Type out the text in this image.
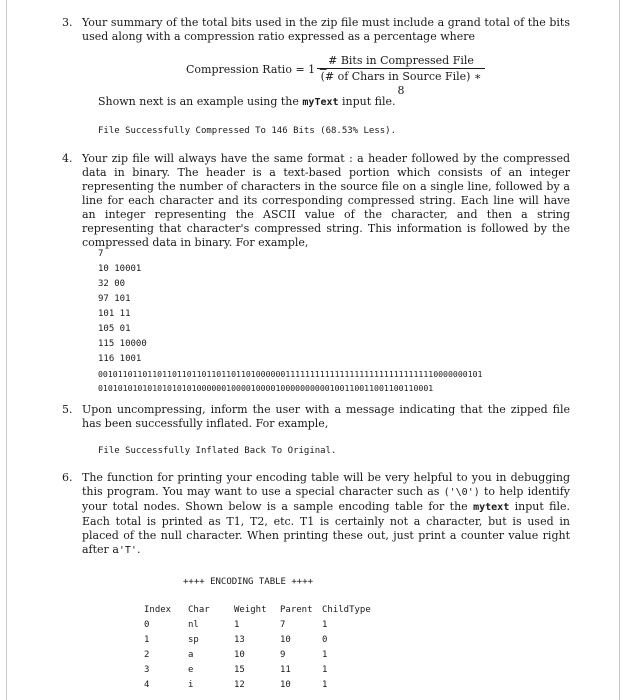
3. Your summary of the total bits used in the zip file must include a grand total of the bits used along with a compression ratio expressed as a percentage where
Compression Ratio = 1 −
# Bits in Compressed File
(# of Chars in Source File) ∗ 8
Shown next is an example using the myText input file.
File Successfully Compressed To 146 Bits (68.53% Less).
4. Your zip file will always have the same format : a header followed by the compressed data in binary. The header is a text-based portion which consists of an integer representing the number of characters in the source file on a single line, followed by a line for each character and its corresponding compressed string. Each line will have an integer representing the ASCII value of the character, and then a string representing that character's compressed string. This information is followed by the compressed data in binary. For example,
7
10 10001
32 00
97 101
101 11
105 01
115 10000
116 1001
001011011011011011011011011011010000001111111111111111111111111111110000000101
01010101010101010101000000100001000010000000000100110011001100110001
5. Upon uncompressing, inform the user with a message indicating that the zipped file has been successfully inflated. For example,
File Successfully Inflated Back To Original.
6. The function for printing your encoding table will be very helpful to you in debugging this program. You may want to use a special character such as ('\0') to help identify your total nodes. Shown below is a sample encoding table for the mytext input file. Each total is printed as T1, T2, etc. T1 is certainly not a character, but is used in placed of the null character. When printing these out, just print a counter value right after a'T'.
++++ ENCODING TABLE ++++
Index	Char	Weight	Parent	ChildType
0	nl	1	7	1
1	sp	13	10	0
2	a	10	9	1
3	e	15	11	1
4	i	12	10	1
